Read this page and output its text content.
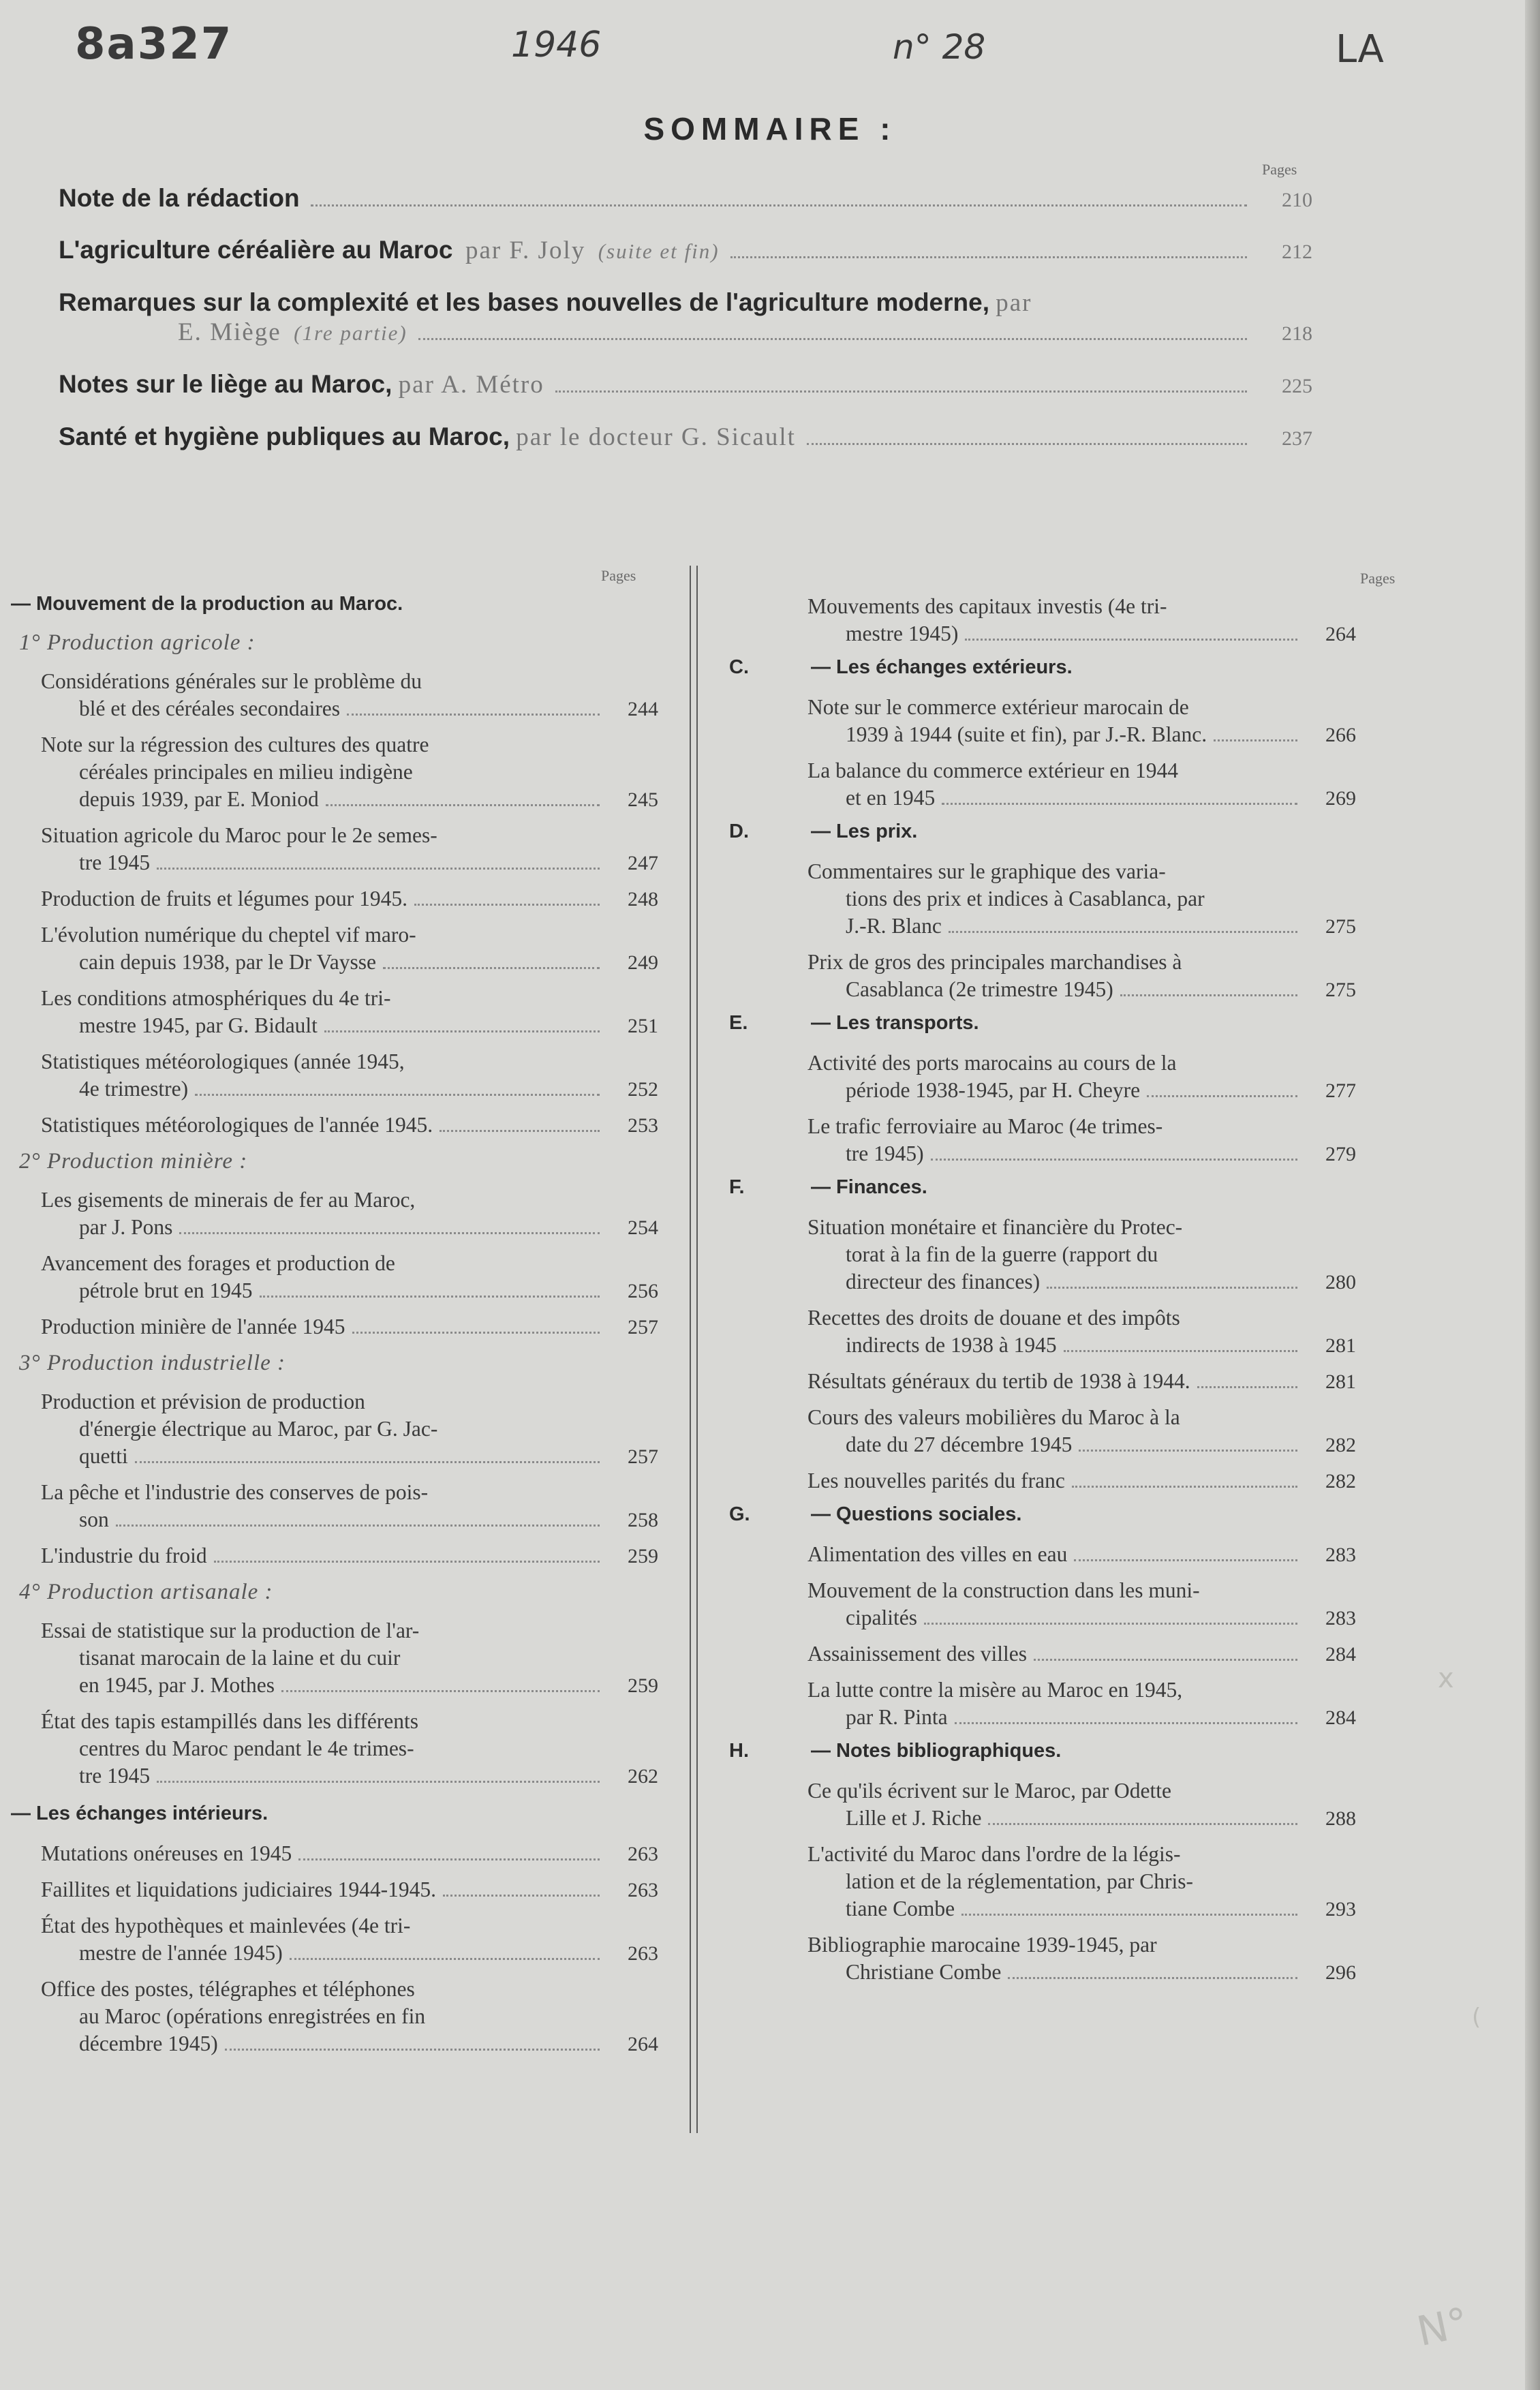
8a327	1946	n° 28	LA
N°
x
(
SOMMAIRE :
Pages
Note de la rédaction	210
L'agriculture céréalière au Maroc par F. Joly (suite et fin)	212
Remarques sur la complexité et les bases nouvelles de l'agriculture moderne, par
E. Miège
(1re partie)	218
Notes sur le liège au Maroc, par A. Métro	225
Santé et hygiène publiques au Maroc, par le docteur G. Sicault	237
Pages	Pages
— Mouvement de la production au Maroc.
1° Production agricole :
Considérations générales sur le problème du
blé et des céréales secondaires	244
Note sur la régression des cultures des quatre
céréales principales en milieu indigène
depuis 1939, par E. Moniod	245
Situation agricole du Maroc pour le 2e semes-
tre 1945	247
Production de fruits et légumes pour 1945.	248
L'évolution numérique du cheptel vif maro-
cain depuis 1938, par le Dr Vaysse	249
Les conditions atmosphériques du 4e tri-
mestre 1945, par G. Bidault	251
Statistiques météorologiques (année 1945,
4e trimestre)	252
Statistiques météorologiques de l'année 1945.	253
2° Production minière :
Les gisements de minerais de fer au Maroc,
par J. Pons	254
Avancement des forages et production de
pétrole brut en 1945	256
Production minière de l'année 1945	257
3° Production industrielle :
Production et prévision de production
d'énergie électrique au Maroc, par G. Jac-
quetti	257
La pêche et l'industrie des conserves de pois-
son	258
L'industrie du froid	259
4° Production artisanale :
Essai de statistique sur la production de l'ar-
tisanat marocain de la laine et du cuir
en 1945, par J. Mothes	259
État des tapis estampillés dans les différents
centres du Maroc pendant le 4e trimes-
tre 1945	262
— Les échanges intérieurs.
Mutations onéreuses en 1945	263
Faillites et liquidations judiciaires 1944-1945.	263
État des hypothèques et mainlevées (4e tri-
mestre de l'année 1945)	263
Office des postes, télégraphes et téléphones
au Maroc (opérations enregistrées en fin
décembre 1945)	264
Mouvements des capitaux investis (4e tri-
mestre 1945)	264
C.	— Les échanges extérieurs.
Note sur le commerce extérieur marocain de
1939 à 1944 (suite et fin), par J.-R. Blanc.	266
La balance du commerce extérieur en 1944
et en 1945	269
D.	— Les prix.
Commentaires sur le graphique des varia-
tions des prix et indices à Casablanca, par
J.-R. Blanc	275
Prix de gros des principales marchandises à
Casablanca (2e trimestre 1945)	275
E.	— Les transports.
Activité des ports marocains au cours de la
période 1938-1945, par H. Cheyre	277
Le trafic ferroviaire au Maroc (4e trimes-
tre 1945)	279
F.	— Finances.
Situation monétaire et financière du Protec-
torat à la fin de la guerre (rapport du
directeur des finances)	280
Recettes des droits de douane et des impôts
indirects de 1938 à 1945	281
Résultats généraux du tertib de 1938 à 1944.	281
Cours des valeurs mobilières du Maroc à la
date du 27 décembre 1945	282
Les nouvelles parités du franc	282
G.	— Questions sociales.
Alimentation des villes en eau	283
Mouvement de la construction dans les muni-
cipalités	283
Assainissement des villes	284
La lutte contre la misère au Maroc en 1945,
par R. Pinta	284
H.	— Notes bibliographiques.
Ce qu'ils écrivent sur le Maroc, par Odette
Lille et J. Riche	288
L'activité du Maroc dans l'ordre de la légis-
lation et de la réglementation, par Chris-
tiane Combe	293
Bibliographie marocaine 1939-1945, par
Christiane Combe	296
